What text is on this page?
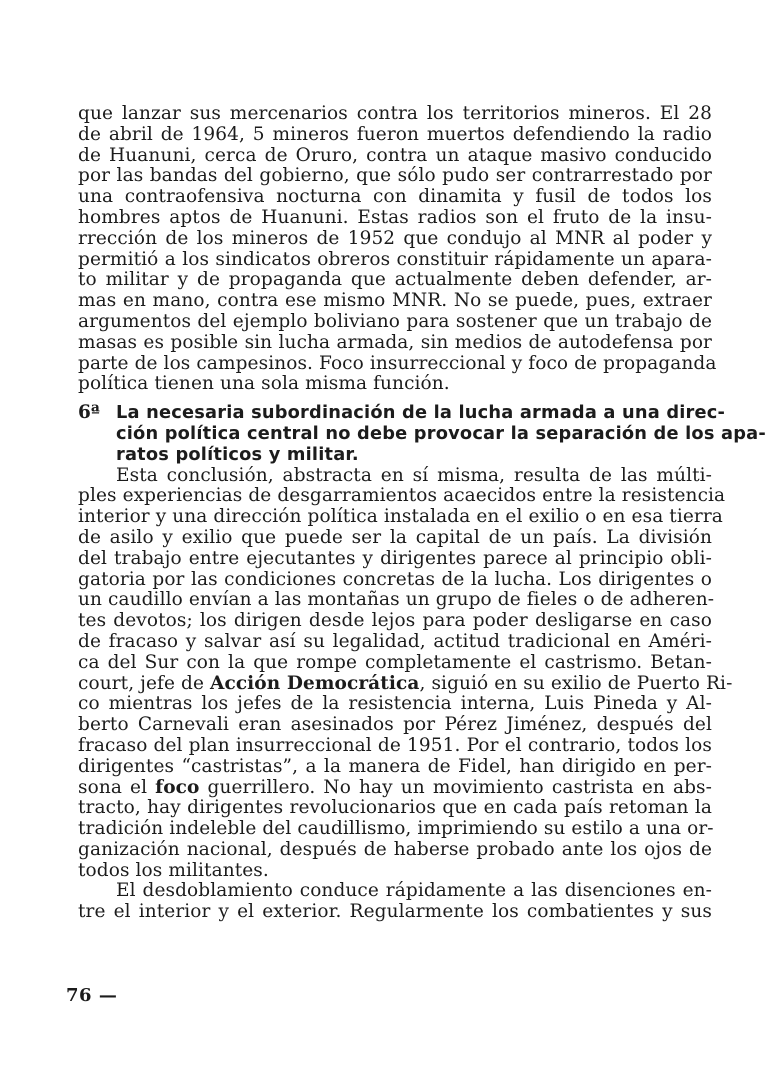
que lanzar sus mercenarios contra los territorios mineros. El 28
de abril de 1964, 5 mineros fueron muertos defendiendo la radio
de Huanuni, cerca de Oruro, contra un ataque masivo conducido
por las bandas del gobierno, que sólo pudo ser contrarrestado por
una contraofensiva nocturna con dinamita y fusil de todos los
hombres aptos de Huanuni. Estas radios son el fruto de la insu-
rrección de los mineros de 1952 que condujo al MNR al poder y
permitió a los sindicatos obreros constituir rápidamente un apara-
to militar y de propaganda que actualmente deben defender, ar-
mas en mano, contra ese mismo MNR. No se puede, pues, extraer
argumentos del ejemplo boliviano para sostener que un trabajo de
masas es posible sin lucha armada, sin medios de autodefensa por
parte de los campesinos. Foco insurreccional y foco de propaganda
política tienen una sola misma función.
6ª La necesaria subordinación de la lucha armada a una direc-
ción política central no debe provocar la separación de los apa-
ratos políticos y militar.
Esta conclusión, abstracta en sí misma, resulta de las múlti-
ples experiencias de desgarramientos acaecidos entre la resistencia
interior y una dirección política instalada en el exilio o en esa tierra
de asilo y exilio que puede ser la capital de un país. La división
del trabajo entre ejecutantes y dirigentes parece al principio obli-
gatoria por las condiciones concretas de la lucha. Los dirigentes o
un caudillo envían a las montañas un grupo de fieles o de adheren-
tes devotos; los dirigen desde lejos para poder desligarse en caso
de fracaso y salvar así su legalidad, actitud tradicional en Améri-
ca del Sur con la que rompe completamente el castrismo. Betan-
court, jefe de Acción Democrática, siguió en su exilio de Puerto Ri-
co mientras los jefes de la resistencia interna, Luis Pineda y Al-
berto Carnevali eran asesinados por Pérez Jiménez, después del
fracaso del plan insurreccional de 1951. Por el contrario, todos los
dirigentes “castristas”, a la manera de Fidel, han dirigido en per-
sona el foco guerrillero. No hay un movimiento castrista en abs-
tracto, hay dirigentes revolucionarios que en cada país retoman la
tradición indeleble del caudillismo, imprimiendo su estilo a una or-
ganización nacional, después de haberse probado ante los ojos de
todos los militantes.
El desdoblamiento conduce rápidamente a las disenciones en-
tre el interior y el exterior. Regularmente los combatientes y sus
76 —
